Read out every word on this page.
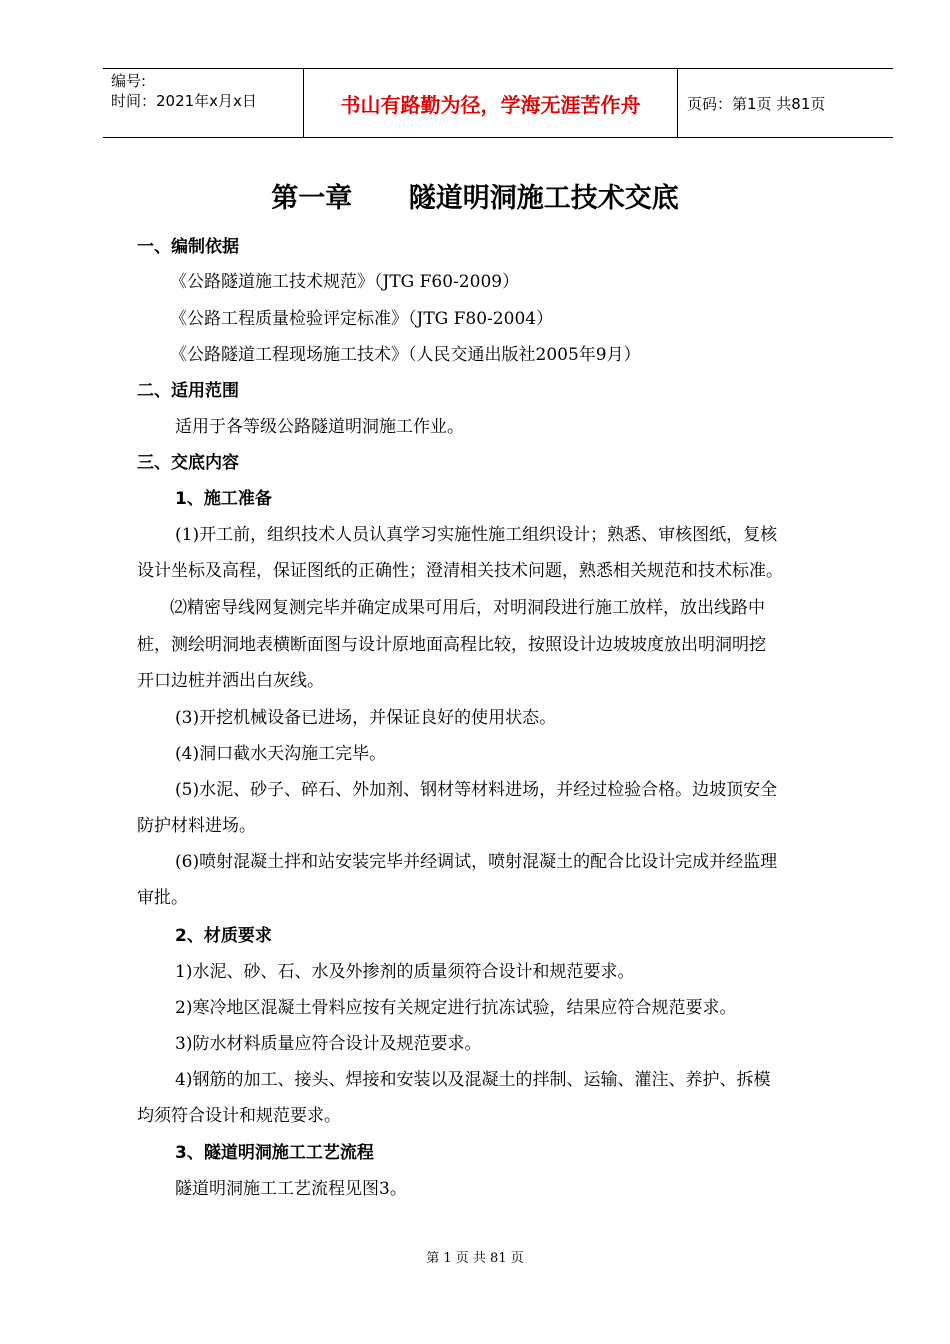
编号:
时间：2021年x月x日	书山有路勤为径，学海无涯苦作舟	页码：第1页 共81页
第一章      隧道明洞施工技术交底
一、编制依据
《公路隧道施工技术规范》（JTG F60-2009）
《公路工程质量检验评定标准》（JTG F80-2004）
《公路隧道工程现场施工技术》（人民交通出版社2005年9月）
二、适用范围
适用于各等级公路隧道明洞施工作业。
三、交底内容
1、施工准备
(1)开工前，组织技术人员认真学习实施性施工组织设计；熟悉、审核图纸，复核
设计坐标及高程，保证图纸的正确性；澄清相关技术问题，熟悉相关规范和技术标准。
⑵精密导线网复测完毕并确定成果可用后，对明洞段进行施工放样，放出线路中
桩，测绘明洞地表横断面图与设计原地面高程比较，按照设计边坡坡度放出明洞明挖
开口边桩并洒出白灰线。
(3)开挖机械设备已进场，并保证良好的使用状态。
(4)洞口截水天沟施工完毕。
(5)水泥、砂子、碎石、外加剂、钢材等材料进场，并经过检验合格。边坡顶安全
防护材料进场。
(6)喷射混凝土拌和站安装完毕并经调试，喷射混凝土的配合比设计完成并经监理
审批。
2、材质要求
1)水泥、砂、石、水及外掺剂的质量须符合设计和规范要求。
2)寒冷地区混凝土骨料应按有关规定进行抗冻试验，结果应符合规范要求。
3)防水材料质量应符合设计及规范要求。
4)钢筋的加工、接头、焊接和安装以及混凝土的拌制、运输、灌注、养护、拆模
均须符合设计和规范要求。
3、隧道明洞施工工艺流程
隧道明洞施工工艺流程见图3。
第 1 页 共 81 页
